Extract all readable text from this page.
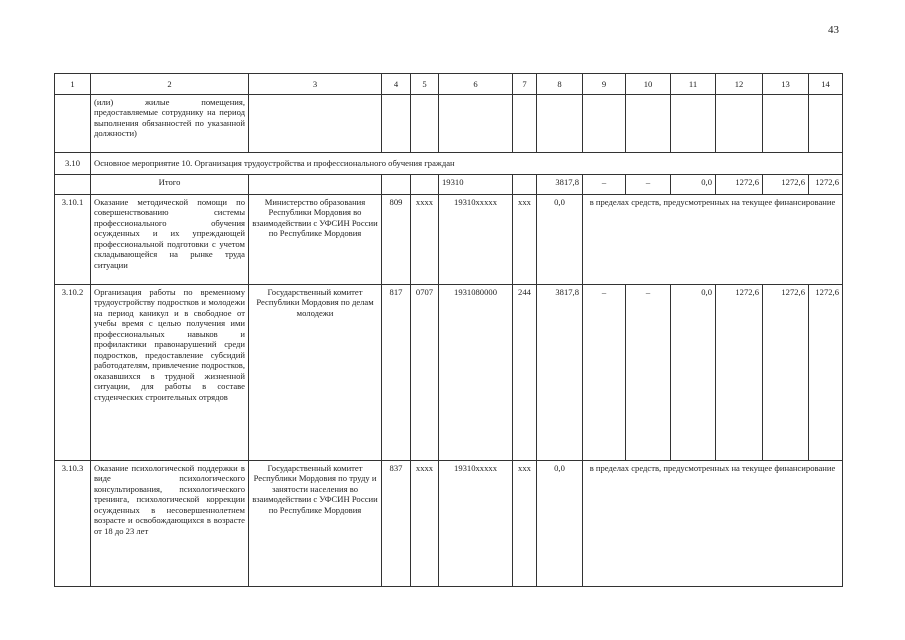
43
1	2	3	4	5	6	7	8	9	10	11	12	13	14
	(или) жилые помещения, предоставляемые сотруднику на период выполнения обязанностей по указанной должности)												
3.10	Основное мероприятие 10. Организация трудоустройства и профессионального обучения граждан												
	Итого				19310		3817,8	–	–	0,0	1272,6	1272,6	1272,6
3.10.1	Оказание методической помощи по совершенствованию системы профессионального обучения осужденных и их упреждающей профессиональной подготовки с учетом складывающейся на рынке труда ситуации	Министерство образования Республики Мордовия во взаимодействии с УФСИН России по Республике Мордовия	809	хххх	19310ххххх	ххх	0,0	в пределах средств, предусмотренных на текущее финансирование					
3.10.2	Организация работы по временному трудоустройству подростков и молодежи на период каникул и в свободное от учебы время с целью получения ими профессиональных навыков и профилактики правонарушений среди подростков, предоставление субсидий работодателям, привлечение подростков, оказавшихся в трудной жизненной ситуации, для работы в составе студенческих строительных отрядов	Государственный комитет Республики Мордовия по делам молодежи	817	0707	1931080000	244	3817,8	–	–	0,0	1272,6	1272,6	1272,6
3.10.3	Оказание психологической поддержки в виде психологического консультирования, психологического тренинга, психологической коррекции осужденных в несовершеннолетнем возрасте и освобождающихся в возрасте от 18 до 23 лет	Государственный комитет Республики Мордовия по труду и занятости населения во взаимодействии с УФСИН России по Республике Мордовия	837	хххх	19310ххххх	ххх	0,0	в пределах средств, предусмотренных на текущее финансирование					
